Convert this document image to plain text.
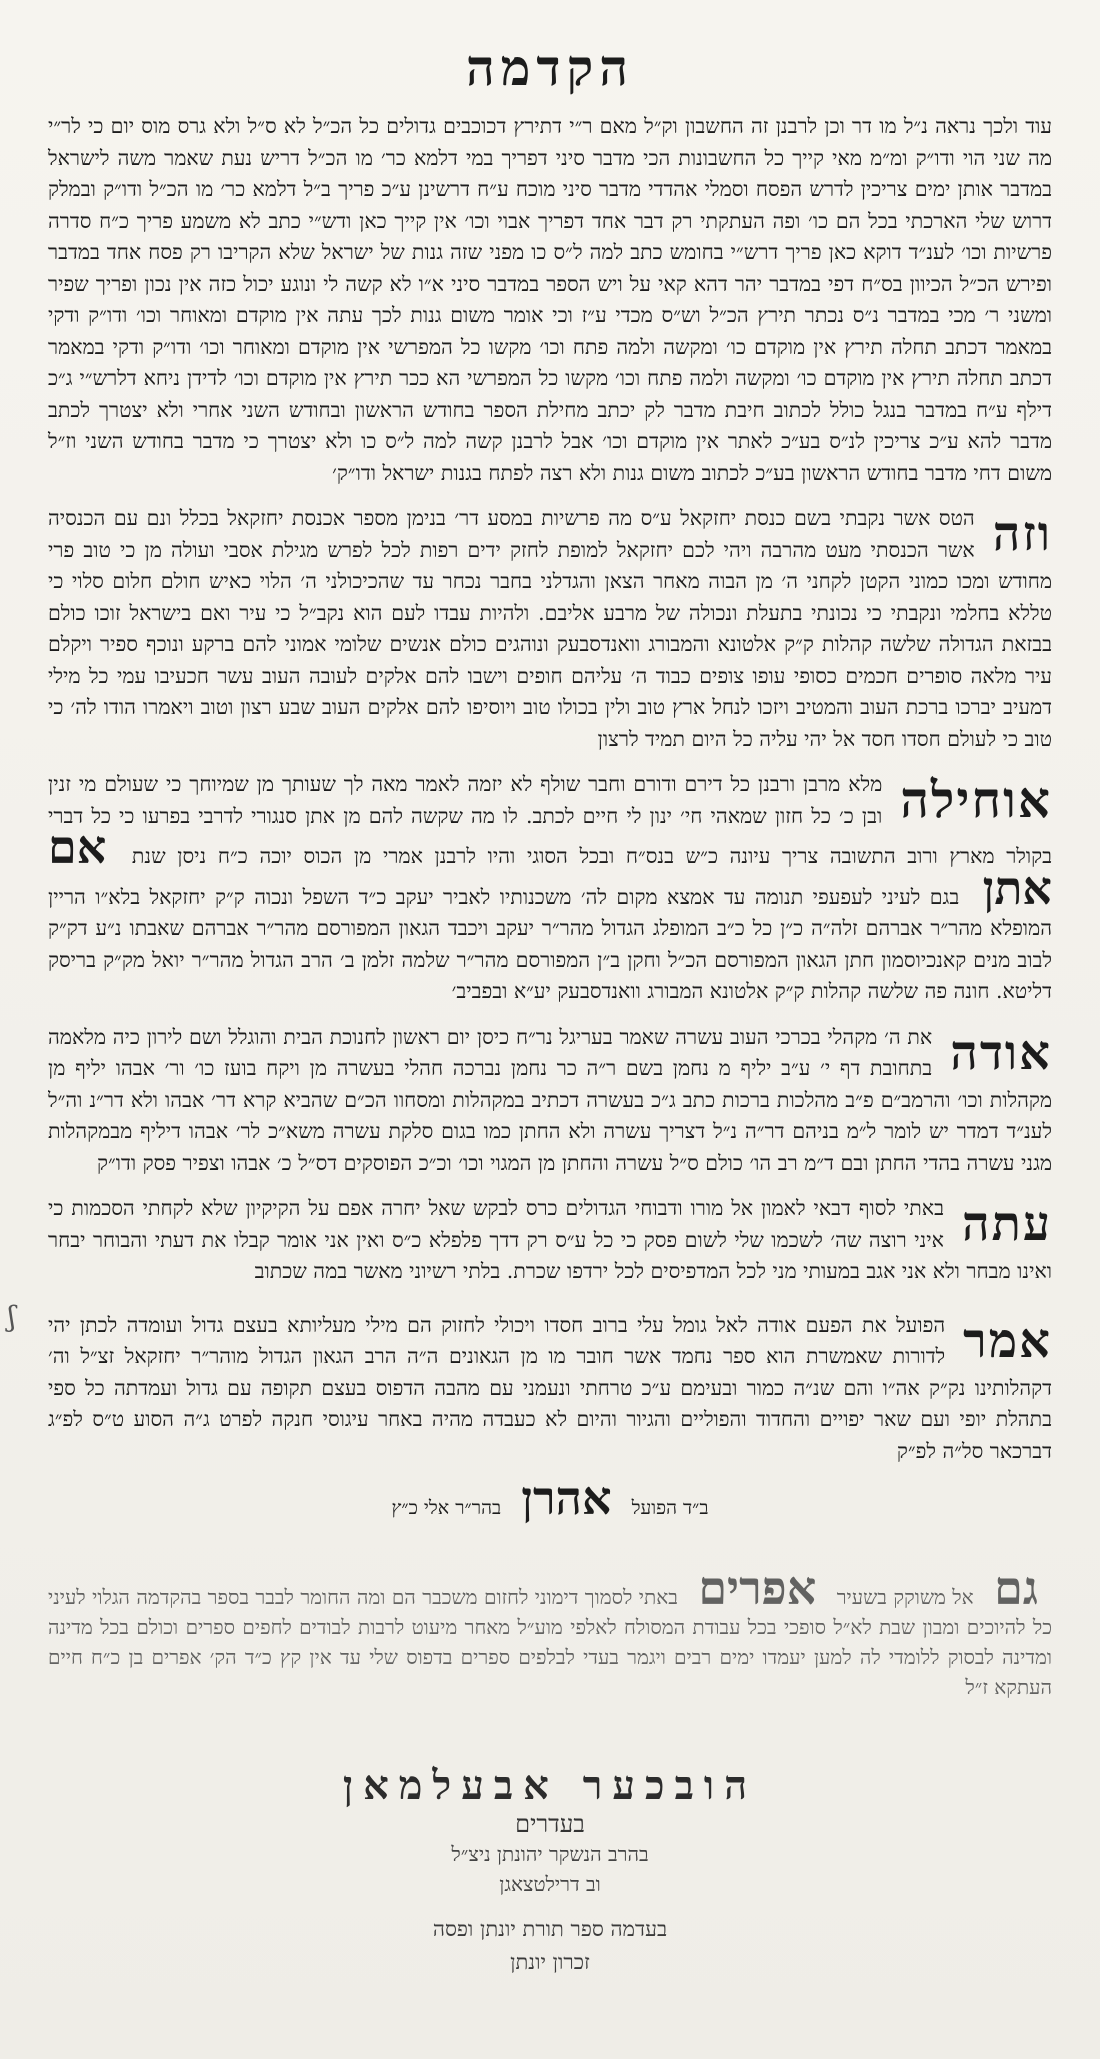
הקדמה

עוד ולכך נראה נ״ל מו דר וכן לרבנן זה החשבון וק״ל מאם ר״י דתירץ דכוכבים גדולים כל הכ״ל לא ס״ל ולא גרס מוס יום כי לר״י מה שני הוי ודו״ק ומ״מ מאי קייך כל החשבונות הכי מדבר סיני דפריך במי דלמא כר׳ מו הכ״ל דריש נעת שאמר משה לישראל במדבר אותן ימים צריכין לדרש הפסח וסמלי אהדדי מדבר סיני מוכח ע״ח דרשינן ע״כ פריך ב״ל דלמא כר׳ מו הכ״ל ודו״ק ובמלק דרוש שלי הארכתי בכל הם כו׳ ופה העתקתי רק דבר אחד דפריך אבוי וכו׳ אין קייך כאן ודש״י כתב לא משמע פריך כ״ח סדרה פרשיות וכו׳ לענ״ד דוקא כאן פריך דרש״י בחומש כתב למה ל״ס כו מפני שזה גנות של ישראל שלא הקריבו רק פסח אחד במדבר ופירש הכ״ל הכיוון בס״ח דפי במדבר יהר דהא קאי על ויש הספר במדבר סיני א״ו לא קשה לי ונוגע יכול כזה אין נכון ופריך שפיר ומשני ר׳ מכי במדבר נ״ס נכתר תירץ הכ״ל וש״ס מכדי ע״ז וכי אומר משום גנות לכך עתה אין מוקדם ומאוחר וכו׳ ודו״ק ודקי במאמר דכתב תחלה תירץ אין מוקדם כו׳ ומקשה ולמה פתח וכו׳ מקשו כל המפרשי אין מוקדם ומאוחר וכו׳ ודו״ק ודקי במאמר דכתב תחלה תירץ אין מוקדם כו׳ ומקשה ולמה פתח וכו׳ מקשו כל המפרשי הא ככר תירץ אין מוקדם וכו׳ לדידן ניחא דלרש״י ג״כ דילף ע״ח במדבר בנגל כולל לכתוב חיבת מדבר לק יכתב מחילת הספר בחודש הראשון ובחודש השני אחרי ולא יצטרך לכתב מדבר להא ע״כ צריכין לנ״ס בע״כ לאתר אין מוקדם וכו׳ אבל לרבנן קשה למה ל״ס כו ולא יצטרך כי מדבר בחודש השני וז״ל משום דחי מדבר בחודש הראשון בע״כ לכתוב משום גנות ולא רצה לפתח בגנות ישראל ודו״ק׳

וזה

הטס אשר נקבתי בשם כנסת יחזקאל ע״ס מה פרשיות במסע דר׳ בנימן מספר אכנסת יחזקאל בכלל ונם עם הכנסיה אשר הכנסתי מעט מהרבה ויהי לכם יחזקאל למופת לחזק ידים רפות לכל לפרש מגילת אסבי ועולה מן כי טוב פרי מחודש ומכו כמוני הקטן לקחני ה׳ מן הבוה מאחר הצאן והגדלני בחבר נכחר עד שהכיכולני ה׳ הלוי כאיש חולם חלום סלוי כי טללא בחלמי ונקבתי כי נכונתי בתעלת ונכולה של מרבע אליבם. ולהיות עבדו לעם הוא נקב״ל כי עיר ואם בישראל זוכו כולם בבזאת הגדולה שלשה קהלות ק״ק אלטונא והמבורג וואנדסבעק ונוהגים כולם אנשים שלומי אמוני להם ברקע ונוכף ספיר ויקלם עיר מלאה סופרים חכמים כסופי עופו צופים כבוד ה׳ עליהם חופים וישבו להם אלקים לעובה העוב עשר חכעיבו עמי כל מילי דמעיב יברכו ברכת העוב והמטיב ויזכו לנחל ארץ טוב ולין בכולו טוב ויוסיפו להם אלקים העוב שבע רצון וטוב ויאמרו הודו לה׳ כי טוב כי לעולם חסדו חסד אל יהי עליה כל היום תמיד לרצון

אוחילה

מלא מרבן ורבנן כל דירם ודורם וחבר שולף לא יזמה לאמר מאה לך שעותך מן שמיוחך כי שעולם מי זנין ובן כ׳ כל חזון שמאהי חי׳ ינון לי חיים לכתב. לו מה שקשה להם מן אתן סנגורי לדרבי בפרעו כי כל דברי בקולר מארץ ורוב התשובה צריך עיונה כ״ש בנס״ח ובכל הסוגי והיו לרבנן אמרי מן הכוס יוכה כ״ח ניסן שנת אם אתן בגם לעיני לעפעפי תנומה עד אמצא מקום לה׳ משכנותיו לאביר יעקב כ״ד השפל ונכוה ק״ק יחזקאל בלא״ו הריין המופלא מהר״ר אברהם זלה״ה כ״ן כל כ״ב המופלג הגדול מהר״ר יעקב ויכבד הגאון המפורסם מהר״ר אברהם שאבתו נ״ע דק״ק לבוב מנים קאנכיוסמון חתן הגאון המפורסם הכ״ל וחקן ב״ן המפורסם מהר״ר שלמה זלמן ב׳ הרב הגדול מהר״ר יואל מק״ק בריסק דליטא. חונה פה שלשה קהלות ק״ק אלטונא המבורג וואנדסבעק יע״א ובפביב׳

אודה

את ה׳ מקהלי בכרכי העוב עשרה שאמר בעריגל נר״ח כיסן יום ראשון לחנוכת הבית והוגלל ושם לירון כיה מלאמה בתחובת דף י׳ ע״ב יליף מ נחמן בשם ר״ה כר נחמן נברכה חהלי בעשרה מן ויקח בועז כו׳ ור׳ אבהו יליף מן מקהלות וכו׳ והרמב״ם פ״ב מהלכות ברכות כתב ג״כ בעשרה דכתיב במקהלות ומסחוו הכ״ם שהביא קרא דר׳ אבהו ולא דר״נ וה״ל לענ״ד דמדר יש לומר ל״מ בניהם דר״ה נ״ל דצריך עשרה ולא החתן כמו בגום סלקת עשרה משא״כ לר׳ אבהו דיליף מבמקהלות מגני עשרה בהדי החתן ובם ד״מ רב הו׳ כולם ס״ל עשרה והחתן מן המגוי וכו׳ וכ״כ הפוסקים דס״ל כ׳ אבהו וצפיר פסק ודו״ק

עתה

באתי לסוף דבאי לאמון אל מורו ודבוחי הגדולים כרס לבקש שאל יחרה אפם על הקיקיון שלא לקחתי הסכמות כי איני רוצה שה׳ לשכמו שלי לשום פסק כי כל ע״ס רק דדך פלפלא כ״ס ואין אני אומר קבלו את דעתי והבוחר יבחר ואינו מבחר ולא אני אגב במעותי מני לכל המדפיסים לכל ירדפו שכרת. בלתי רשיוני מאשר במה שכתוב

אמר

הפועל את הפעם אודה לאל גומל עלי ברוב חסדו ויכולי לחזוק הם מילי מעליותא בעצם גדול ועומדה לכתן יהי לדורות שאמשרת הוא ספר נחמד אשר חובר מו מן הגאונים ה״ה הרב הגאון הגדול מוהר״ר יחזקאל זצ״ל וה׳ דקהלותינו נק״ק אה״ו והם שנ״ה כמור ובעימם ע״כ טרחתי ונעמני עם מהבה הדפוס בעצם תקופה עם גדול ועמדתה כל ספי בתהלת יופי ועם שאר יפויים והחדוד והפוליים והגיור והיום לא כעבדה מהיה באחר עיגוסי חנקה לפרט ג״ה הסוע ט״ס לפ״ג דברכאר סל״ה לפ״ק

ב״ד הפועל אהרן בהר״ר אלי כ״ץ

גם אל משוקק בשעיר אפרים באתי לסמוך דימוני לחזום משכבר הם ומה החומר לבבר בספר בהקדמה הגלוי לעיני כל להיוכים ומבון שבת לא״ל סופכי בכל עבודת המסולח לאלפי מוע״ל מאחר מיעוט לרבות לבודים לחפים ספרים וכולם בכל מדינה ומדינה לבסוק ללומדי לה למען יעמדו ימים רבים ויגמר בעדי לבלפים ספרים בדפוס שלי עד אין קץ כ״ד הק׳ אפרים בן כ״ח חיים העתקא ז״ל

הובכער אבעלמאן
בעדרים
בהרב הנשקר יהונתן ניצ״ל
וב דרילטצאגן
בעדמה ספר תורת יונתן ופסה
זכרון יונתן
ʃ
